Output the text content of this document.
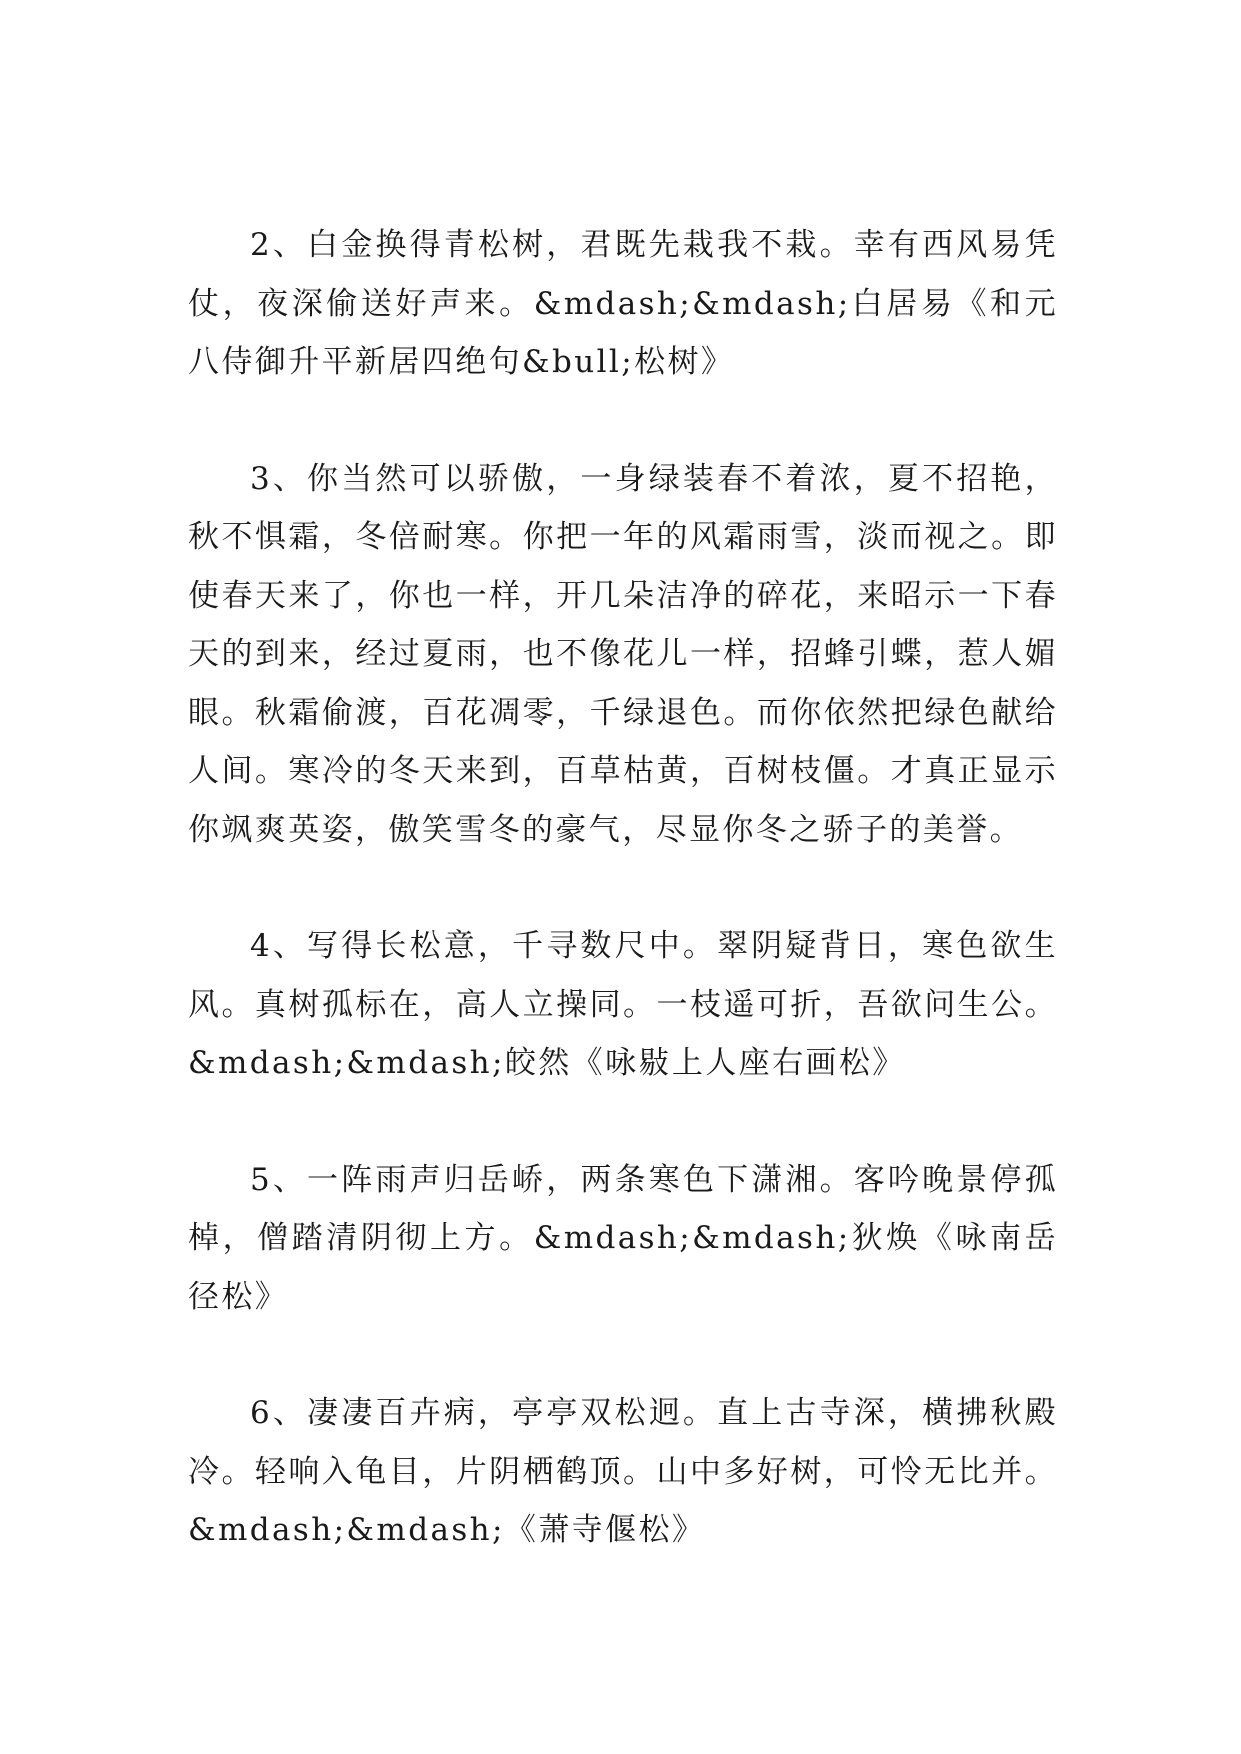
2、白金换得青松树，君既先栽我不栽。幸有西风易凭仗，夜深偷送好声来。&mdash;&mdash;白居易《和元八侍御升平新居四绝句&bull;松树》

3、你当然可以骄傲，一身绿装春不着浓，夏不招艳，秋不惧霜，冬倍耐寒。你把一年的风霜雨雪，淡而视之。即使春天来了，你也一样，开几朵洁净的碎花，来昭示一下春天的到来，经过夏雨，也不像花儿一样，招蜂引蝶，惹人媚眼。秋霜偷渡，百花凋零，千绿退色。而你依然把绿色献给人间。寒冷的冬天来到，百草枯黄，百树枝僵。才真正显示你飒爽英姿，傲笑雪冬的豪气，尽显你冬之骄子的美誉。

4、写得长松意，千寻数尺中。翠阴疑背日，寒色欲生风。真树孤标在，高人立操同。一枝遥可折，吾欲问生公。&mdash;&mdash;皎然《咏敡上人座右画松》

5、一阵雨声归岳峤，两条寒色下潇湘。客吟晚景停孤棹，僧踏清阴彻上方。&mdash;&mdash;狄焕《咏南岳径松》

6、凄凄百卉病，亭亭双松迥。直上古寺深，横拂秋殿冷。轻响入龟目，片阴栖鹤顶。山中多好树，可怜无比并。&mdash;&mdash;《萧寺偃松》
